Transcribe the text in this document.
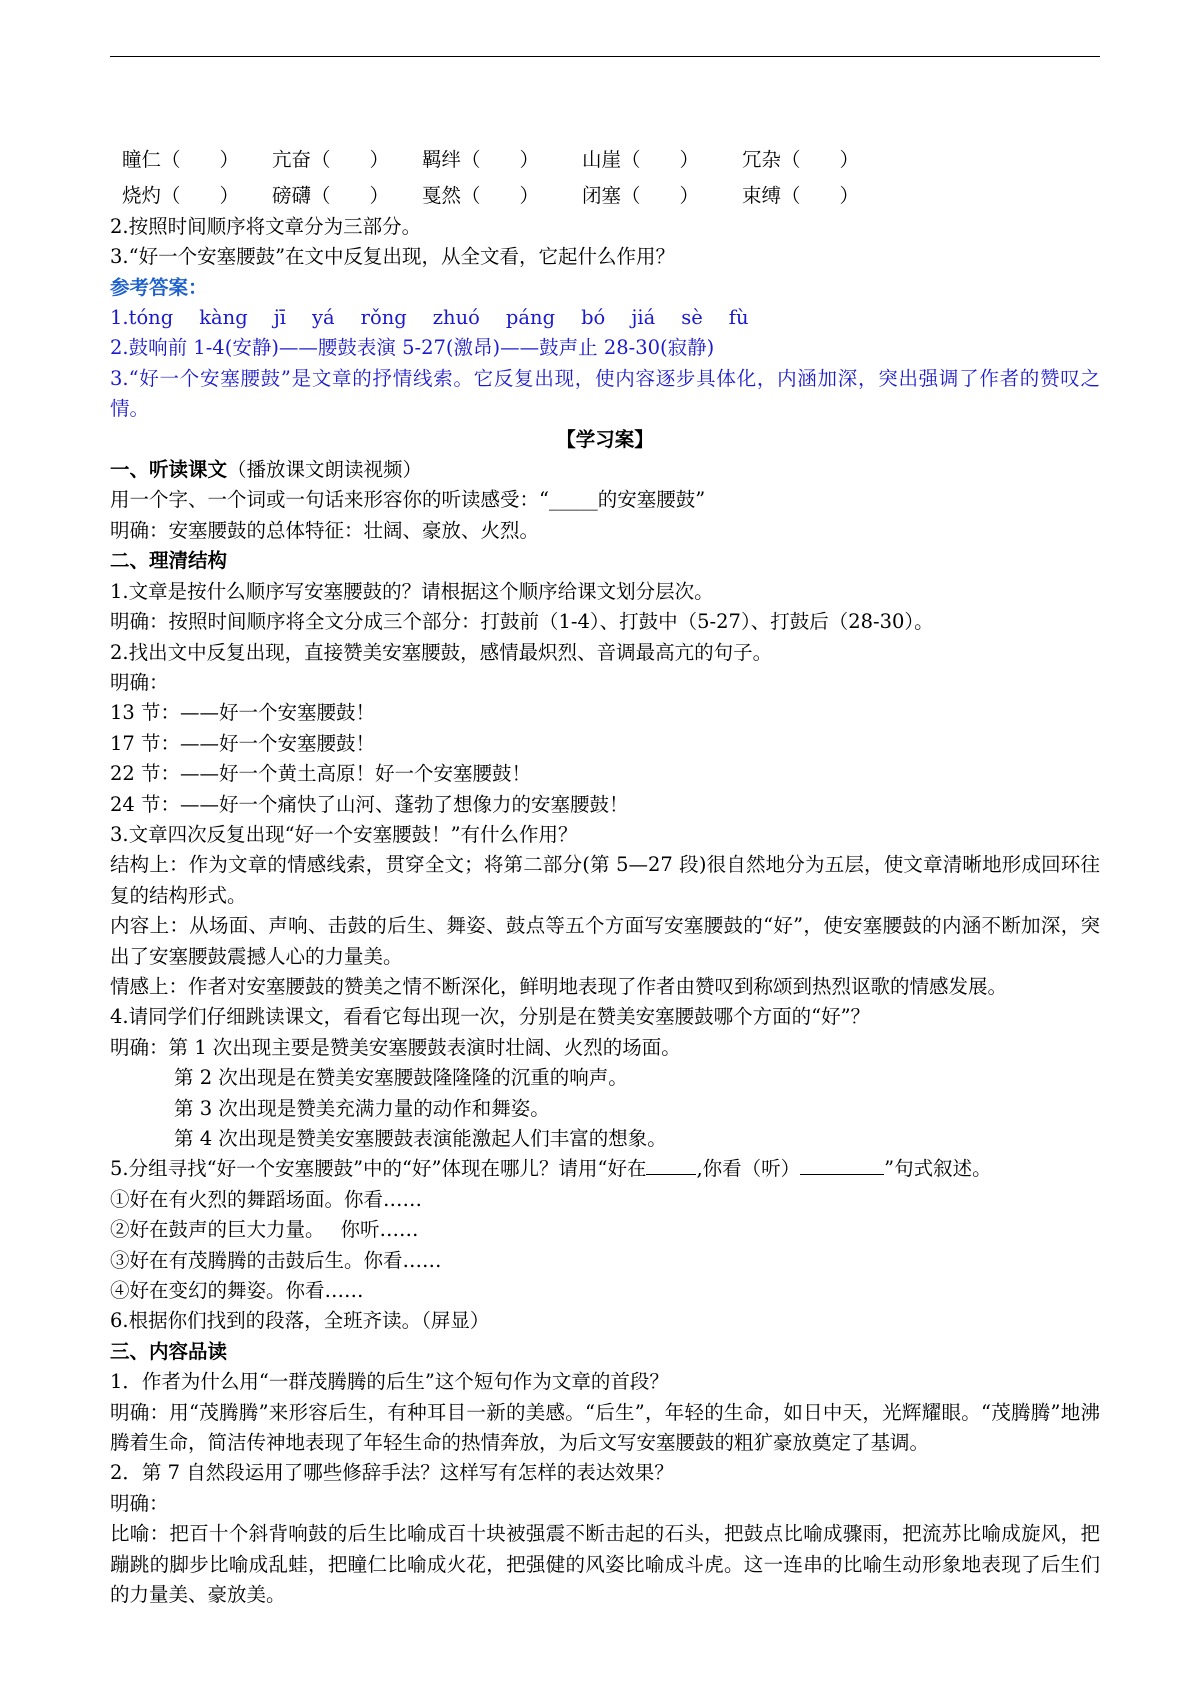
瞳仁（　　） 亢奋（　　） 羁绊（　　） 山崖（　　） 冗杂（　　）
烧灼（　　） 磅礴（　　） 戛然（　　） 闭塞（　　） 束缚（　　）
2.按照时间顺序将文章分为三部分。
3.“好一个安塞腰鼓”在文中反复出现，从全文看，它起什么作用？
参考答案：
1.tóng kàng jī yá rǒng zhuó páng bó jiá sè fù
2.鼓响前 1-4(安静)——腰鼓表演 5-27(激昂)——鼓声止 28-30(寂静)
3.“好一个安塞腰鼓”是文章的抒情线索。它反复出现，使内容逐步具体化，内涵加深，突出强调了作者的赞叹之情。
【学习案】
一、听读课文（播放课文朗读视频）
用一个字、一个词或一句话来形容你的听读感受：“_____的安塞腰鼓”
明确：安塞腰鼓的总体特征：壮阔、豪放、火烈。
二、理清结构
1.文章是按什么顺序写安塞腰鼓的？请根据这个顺序给课文划分层次。
明确：按照时间顺序将全文分成三个部分：打鼓前（1-4）、打鼓中（5-27）、打鼓后（28-30）。
2.找出文中反复出现，直接赞美安塞腰鼓，感情最炽烈、音调最高亢的句子。
明确：
13 节：——好一个安塞腰鼓！
17 节：——好一个安塞腰鼓！
22 节：——好一个黄土高原！好一个安塞腰鼓！
24 节：——好一个痛快了山河、蓬勃了想像力的安塞腰鼓！
3.文章四次反复出现“好一个安塞腰鼓！”有什么作用？
结构上：作为文章的情感线索，贯穿全文；将第二部分(第 5—27 段)很自然地分为五层，使文章清晰地形成回环往复的结构形式。
内容上：从场面、声响、击鼓的后生、舞姿、鼓点等五个方面写安塞腰鼓的“好”，使安塞腰鼓的内涵不断加深，突出了安塞腰鼓震撼人心的力量美。
情感上：作者对安塞腰鼓的赞美之情不断深化，鲜明地表现了作者由赞叹到称颂到热烈讴歌的情感发展。
4.请同学们仔细跳读课文，看看它每出现一次，分别是在赞美安塞腰鼓哪个方面的“好”？
明确：第 1 次出现主要是赞美安塞腰鼓表演时壮阔、火烈的场面。
第 2 次出现是在赞美安塞腰鼓隆隆隆的沉重的响声。
第 3 次出现是赞美充满力量的动作和舞姿。
第 4 次出现是赞美安塞腰鼓表演能激起人们丰富的想象。
5.分组寻找“好一个安塞腰鼓”中的“好”体现在哪儿？请用“好在	,你看（听）	”句式叙述。
①好在有火烈的舞蹈场面。你看……
②好在鼓声的巨大力量。　 你听……
③好在有茂腾腾的击鼓后生。你看……
④好在变幻的舞姿。你看……
6.根据你们找到的段落，全班齐读。（屏显）
三、内容品读
1．作者为什么用“一群茂腾腾的后生”这个短句作为文章的首段？
明确：用“茂腾腾”来形容后生，有种耳目一新的美感。“后生”，年轻的生命，如日中天，光辉耀眼。“茂腾腾”地沸腾着生命，简洁传神地表现了年轻生命的热情奔放，为后文写安塞腰鼓的粗犷豪放奠定了基调。
2．第 7 自然段运用了哪些修辞手法？这样写有怎样的表达效果？
明确：
比喻：把百十个斜背响鼓的后生比喻成百十块被强震不断击起的石头，把鼓点比喻成骤雨，把流苏比喻成旋风，把蹦跳的脚步比喻成乱蛙，把瞳仁比喻成火花，把强健的风姿比喻成斗虎。这一连串的比喻生动形象地表现了后生们的力量美、豪放美。
